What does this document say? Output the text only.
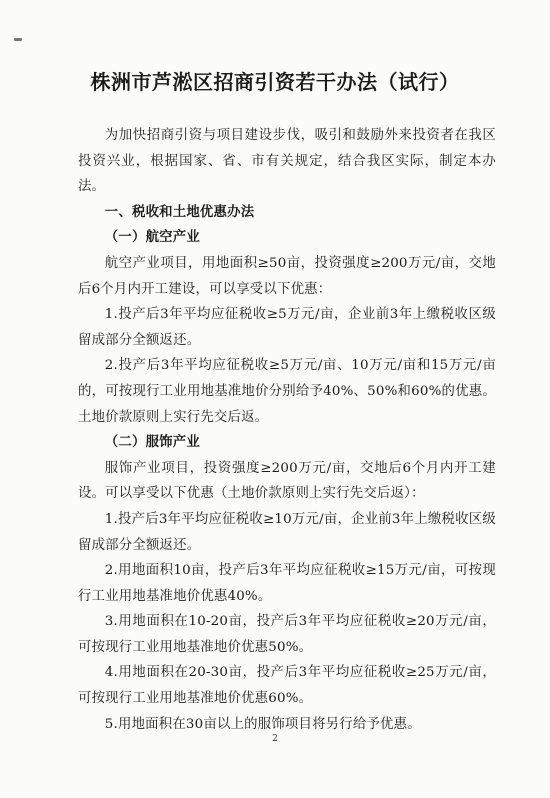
株洲市芦淞区招商引资若干办法（试行）

为加快招商引资与项目建设步伐，吸引和鼓励外来投资者在我区投资兴业，根据国家、省、市有关规定，结合我区实际，制定本办法。

一、税收和土地优惠办法

（一）航空产业

航空产业项目，用地面积≥50亩，投资强度≥200万元/亩，交地后6个月内开工建设，可以享受以下优惠：

1.投产后3年平均应征税收≥5万元/亩，企业前3年上缴税收区级留成部分全额返还。

2.投产后3年平均应征税收≥5万元/亩、10万元/亩和15万元/亩的，可按现行工业用地基准地价分别给予40%、50%和60%的优惠。土地价款原则上实行先交后返。

（二）服饰产业

服饰产业项目，投资强度≥200万元/亩，交地后6个月内开工建设。可以享受以下优惠（土地价款原则上实行先交后返）：

1.投产后3年平均应征税收≥10万元/亩，企业前3年上缴税收区级留成部分全额返还。

2.用地面积10亩，投产后3年平均应征税收≥15万元/亩，可按现行工业用地基准地价优惠40%。

3.用地面积在10-20亩，投产后3年平均应征税收≥20万元/亩，可按现行工业用地基准地价优惠50%。

4.用地面积在20-30亩，投产后3年平均应征税收≥25万元/亩，可按现行工业用地基准地价优惠60%。

5.用地面积在30亩以上的服饰项目将另行给予优惠。

2
